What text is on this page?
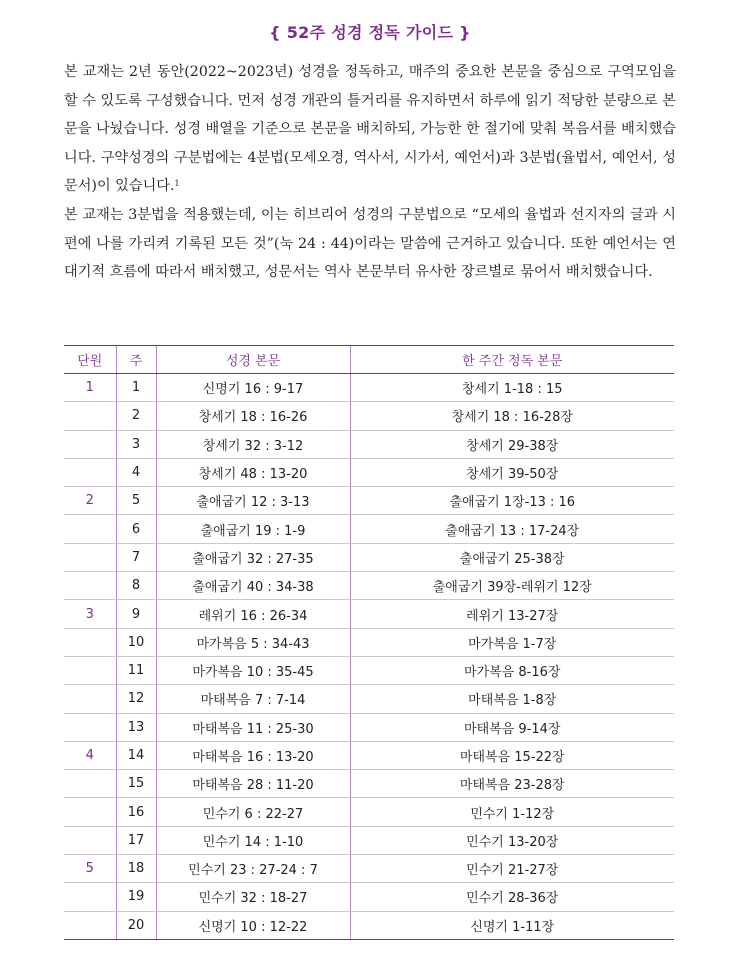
{ 52주 성경 정독 가이드 }

본 교재는 2년 동안(2022~2023년) 성경을 정독하고, 매주의 중요한 본문을 중심으로 구역모임을 할 수 있도록 구성했습니다. 먼저 성경 개관의 틀거리를 유지하면서 하루에 읽기 적당한 분량으로 본문을 나눴습니다. 성경 배열을 기준으로 본문을 배치하되, 가능한 한 절기에 맞춰 복음서를 배치했습니다. 구약성경의 구분법에는 4분법(모세오경, 역사서, 시가서, 예언서)과 3분법(율법서, 예언서, 성문서)이 있습니다.$^1$

본 교재는 3분법을 적용했는데, 이는 히브리어 성경의 구분법으로 “모세의 율법과 선지자의 글과 시편에 나를 가리켜 기록된 모든 것”(눅 24 : 44)이라는 말씀에 근거하고 있습니다. 또한 예언서는 연대기적 흐름에 따라서 배치했고, 성문서는 역사 본문부터 유사한 장르별로 묶어서 배치했습니다.

단원	주	성경 본문	한 주간 정독 본문
1	1	신명기 16 : 9-17	창세기 1-18 : 15
	2	창세기 18 : 16-26	창세기 18 : 16-28장
	3	창세기 32 : 3-12	창세기 29-38장
	4	창세기 48 : 13-20	창세기 39-50장
2	5	출애굽기 12 : 3-13	출애굽기 1장-13 : 16
	6	출애굽기 19 : 1-9	출애굽기 13 : 17-24장
	7	출애굽기 32 : 27-35	출애굽기 25-38장
	8	출애굽기 40 : 34-38	출애굽기 39장-레위기 12장
3	9	레위기 16 : 26-34	레위기 13-27장
	10	마가복음 5 : 34-43	마가복음 1-7장
	11	마가복음 10 : 35-45	마가복음 8-16장
	12	마태복음 7 : 7-14	마태복음 1-8장
	13	마태복음 11 : 25-30	마태복음 9-14장
4	14	마태복음 16 : 13-20	마태복음 15-22장
	15	마태복음 28 : 11-20	마태복음 23-28장
	16	민수기 6 : 22-27	민수기 1-12장
	17	민수기 14 : 1-10	민수기 13-20장
5	18	민수기 23 : 27-24 : 7	민수기 21-27장
	19	민수기 32 : 18-27	민수기 28-36장
	20	신명기 10 : 12-22	신명기 1-11장
